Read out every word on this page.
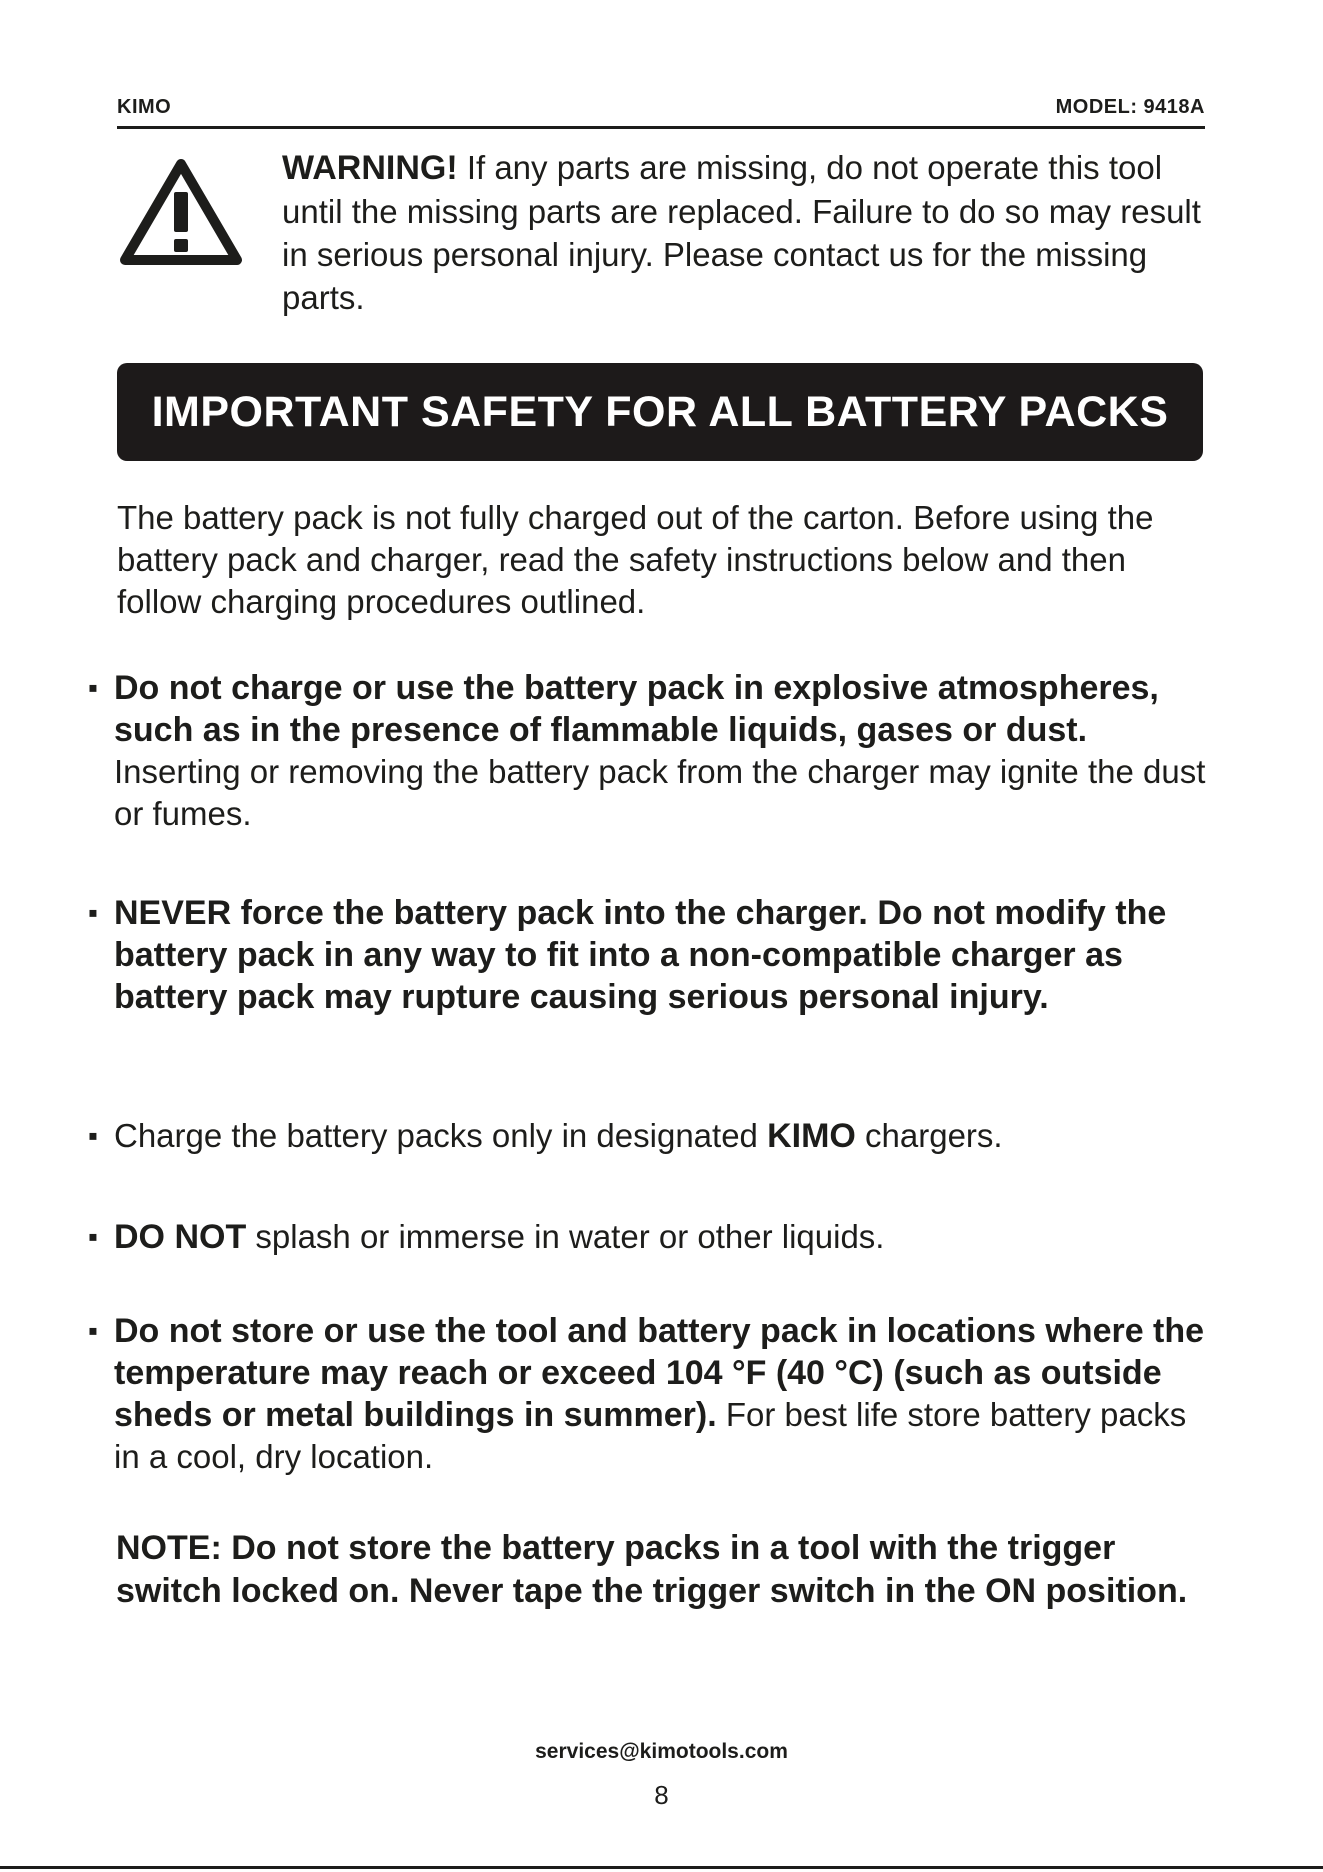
KIMO	MODEL: 9418A
WARNING! If any parts are missing, do not operate this tool until the missing parts are replaced. Failure to do so may result in serious personal injury. Please contact us for the missing parts.
IMPORTANT SAFETY FOR ALL BATTERY PACKS
The battery pack is not fully charged out of the carton. Before using the battery pack and charger, read the safety instructions below and then follow charging procedures outlined.
▪ Do not charge or use the battery pack in explosive atmospheres, such as in the presence of flammable liquids, gases or dust. Inserting or removing the battery pack from the charger may ignite the dust or fumes.
▪ NEVER force the battery pack into the charger. Do not modify the battery pack in any way to fit into a non-compatible charger as battery pack may rupture causing serious personal injury.
▪ Charge the battery packs only in designated KIMO chargers.
▪ DO NOT splash or immerse in water or other liquids.
▪ Do not store or use the tool and battery pack in locations where the temperature may reach or exceed 104 °F (40 °C) (such as outside sheds or metal buildings in summer). For best life store battery packs in a cool, dry location.
NOTE: Do not store the battery packs in a tool with the trigger switch locked on. Never tape the trigger switch in the ON position.
services@kimotools.com
8
